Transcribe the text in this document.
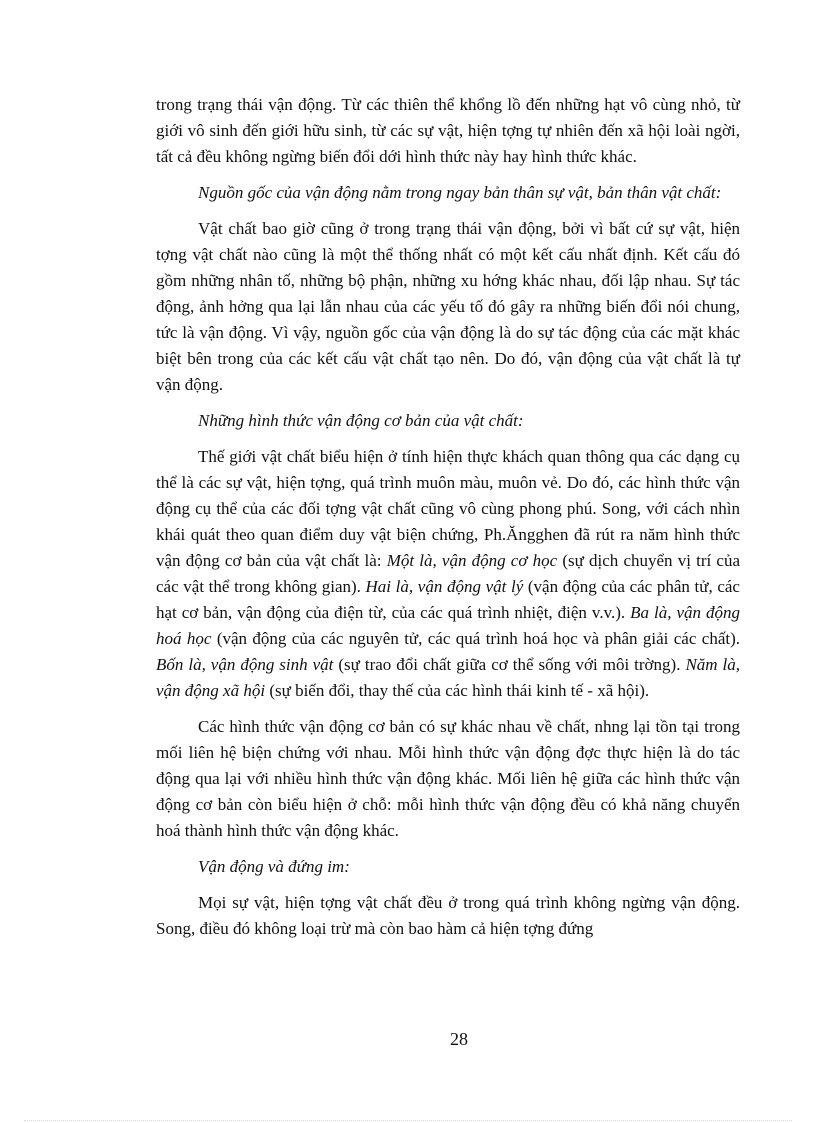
trong trạng thái vận động. Từ các thiên thể khổng lồ đến những hạt vô cùng nhỏ, từ giới vô sinh đến giới hữu sinh, từ các sự vật, hiện tợng tự nhiên đến xã hội loài ngời, tất cả đều không ngừng biến đổi dới hình thức này hay hình thức khác.

Nguồn gốc của vận động nằm trong ngay bản thân sự vật, bản thân vật chất:

Vật chất bao giờ cũng ở trong trạng thái vận động, bởi vì bất cứ sự vật, hiện tợng vật chất nào cũng là một thể thống nhất có một kết cấu nhất định. Kết cấu đó gồm những nhân tố, những bộ phận, những xu hớng khác nhau, đối lập nhau. Sự tác động, ảnh hởng qua lại lẫn nhau của các yếu tố đó gây ra những biến đổi nói chung, tức là vận động. Vì vậy, nguồn gốc của vận động là do sự tác động của các mặt khác biệt bên trong của các kết cấu vật chất tạo nên. Do đó, vận động của vật chất là tự vận động.

Những hình thức vận động cơ bản của vật chất:

Thế giới vật chất biểu hiện ở tính hiện thực khách quan thông qua các dạng cụ thể là các sự vật, hiện tợng, quá trình muôn màu, muôn vẻ. Do đó, các hình thức vận động cụ thể của các đối tợng vật chất cũng vô cùng phong phú. Song, với cách nhìn khái quát theo quan điểm duy vật biện chứng, Ph.Ăngghen đã rút ra năm hình thức vận động cơ bản của vật chất là: Một là, vận động cơ học (sự dịch chuyển vị trí của các vật thể trong không gian). Hai là, vận động vật lý (vận động của các phân tử, các hạt cơ bản, vận động của điện từ, của các quá trình nhiệt, điện v.v.). Ba là, vận động hoá học (vận động của các nguyên tử, các quá trình hoá học và phân giải các chất). Bốn là, vận động sinh vật (sự trao đổi chất giữa cơ thể sống với môi trờng). Năm là, vận động xã hội (sự biến đổi, thay thế của các hình thái kinh tế - xã hội).

Các hình thức vận động cơ bản có sự khác nhau về chất, nhng lại tồn tại trong mối liên hệ biện chứng với nhau. Mỗi hình thức vận động đợc thực hiện là do tác động qua lại với nhiều hình thức vận động khác. Mối liên hệ giữa các hình thức vận động cơ bản còn biểu hiện ở chỗ: mỗi hình thức vận động đều có khả năng chuyển hoá thành hình thức vận động khác.

Vận động và đứng im:

Mọi sự vật, hiện tợng vật chất đều ở trong quá trình không ngừng vận động. Song, điều đó không loại trừ mà còn bao hàm cả hiện tợng đứng

28
